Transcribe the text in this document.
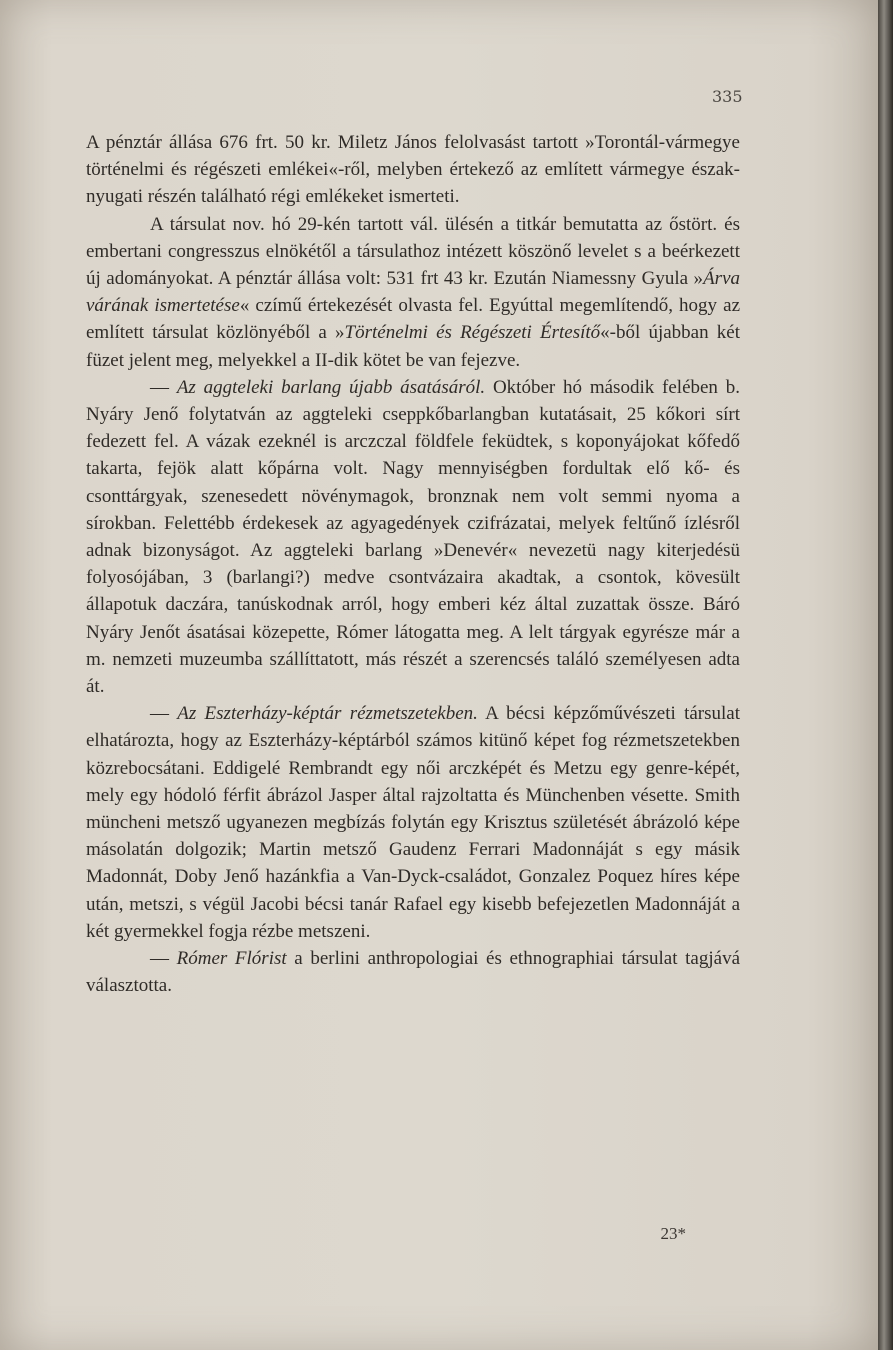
335

A pénztár állása 676 frt. 50 kr. Miletz János felolvasást tartott »Torontál-vármegye történelmi és régészeti emlékei«-ről, melyben értekező az említett vármegye észak-nyugati részén található régi emlékeket ismerteti.

A társulat nov. hó 29-kén tartott vál. ülésén a titkár bemutatta az őstört. és embertani congresszus elnökétől a társulathoz intézett köszönő levelet s a beérkezett új adományokat. A pénztár állása volt: 531 frt 43 kr. Ezután Niamessny Gyula »Árva várának ismertetése« czímű értekezését olvasta fel. Egyúttal megemlítendő, hogy az említett társulat közlönyéből a »Történelmi és Régészeti Értesítő«-ből újabban két füzet jelent meg, melyekkel a II-dik kötet be van fejezve.

— Az aggteleki barlang újabb ásatásáról. Október hó második felében b. Nyáry Jenő folytatván az aggteleki cseppkőbarlangban kutatásait, 25 kőkori sírt fedezett fel. A vázak ezeknél is arczczal földfele feküdtek, s koponyájokat kőfedő takarta, fejök alatt kőpárna volt. Nagy mennyiségben fordultak elő kő- és csonttárgyak, szenesedett növénymagok, bronznak nem volt semmi nyoma a sírokban. Felettébb érdekesek az agyagedények czifrázatai, melyek feltűnő ízlésről adnak bizonyságot. Az aggteleki barlang »Denevér« nevezetü nagy kiterjedésü folyosójában, 3 (barlangi?) medve csontvázaira akadtak, a csontok, kövesült állapotuk daczára, tanúskodnak arról, hogy emberi kéz által zuzattak össze. Báró Nyáry Jenőt ásatásai közepette, Rómer látogatta meg. A lelt tárgyak egyrésze már a m. nemzeti muzeumba szállíttatott, más részét a szerencsés találó személyesen adta át.

— Az Eszterházy-képtár rézmetszetekben. A bécsi képzőművészeti társulat elhatározta, hogy az Eszterházy-képtárból számos kitünő képet fog rézmetszetekben közrebocsátani. Eddigelé Rembrandt egy női arczképét és Metzu egy genre-képét, mely egy hódoló férfit ábrázol Jasper által rajzoltatta és Münchenben vésette. Smith müncheni metsző ugyanezen megbízás folytán egy Krisztus születését ábrázoló képe másolatán dolgozik; Martin metsző Gaudenz Ferrari Madonnáját s egy másik Madonnát, Doby Jenő hazánkfia a Van-Dyck-családot, Gonzalez Poquez híres képe után, metszi, s végül Jacobi bécsi tanár Rafael egy kisebb befejezetlen Madonnáját a két gyermekkel fogja rézbe metszeni.

— Rómer Flórist a berlini anthropologiai és ethnographiai társulat tagjává választotta.

23*
